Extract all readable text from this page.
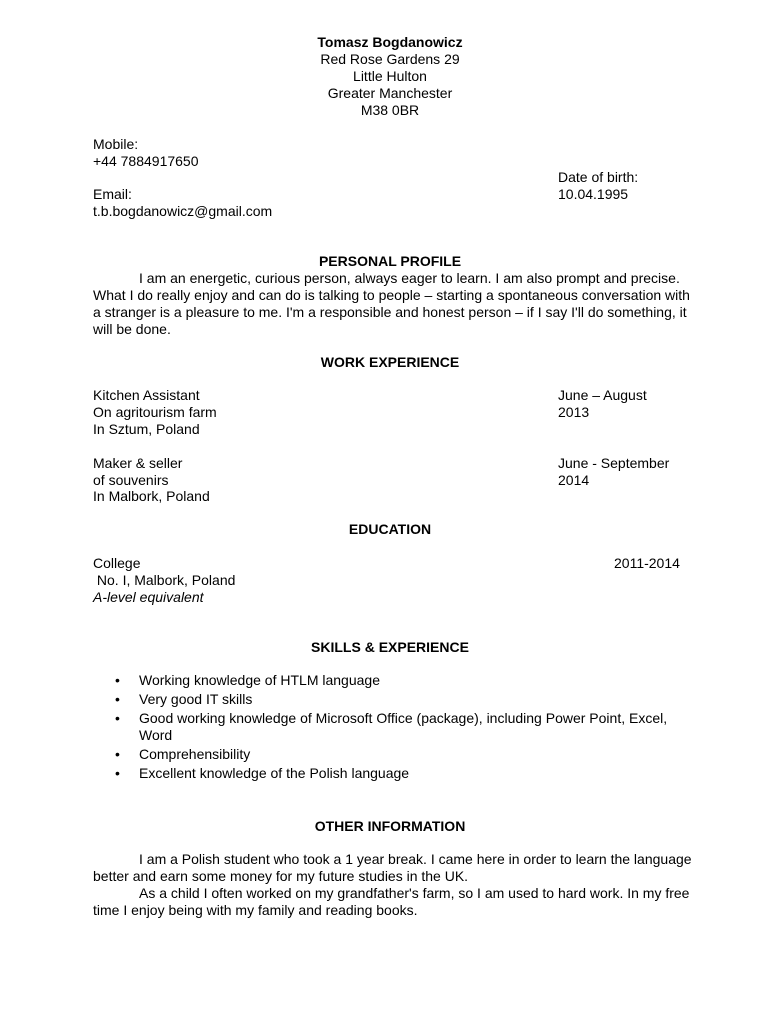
Tomasz Bogdanowicz
Red Rose Gardens 29
Little Hulton
Greater Manchester
M38 0BR
Mobile:
+44 7884917650
Date of birth:
Email:	10.04.1995
t.b.bogdanowicz@gmail.com
PERSONAL PROFILE

I am an energetic, curious person, always eager to learn. I am also prompt and precise. What I do really enjoy and can do is talking to people – starting a spontaneous conversation with a stranger is a pleasure to me. I'm a responsible and honest person – if I say I'll do something, it will be done.

WORK EXPERIENCE
Kitchen Assistant
On agritourism farm
In Sztum, Poland
June – August
2013
Maker & seller
of souvenirs
In Malbork, Poland
June - September
2014
EDUCATION
College
No. I, Malbork, Poland
A-level equivalent
2011-2014
SKILLS & EXPERIENCE
• Working knowledge of HTLM language
• Very good IT skills
• Good working knowledge of Microsoft Office (package), including Power Point, Excel, Word
• Comprehensibility
• Excellent knowledge of the Polish language
OTHER INFORMATION

I am a Polish student who took a 1 year break. I came here in order to learn the language better and earn some money for my future studies in the UK.

As a child I often worked on my grandfather's farm, so I am used to hard work. In my free time I enjoy being with my family and reading books.
